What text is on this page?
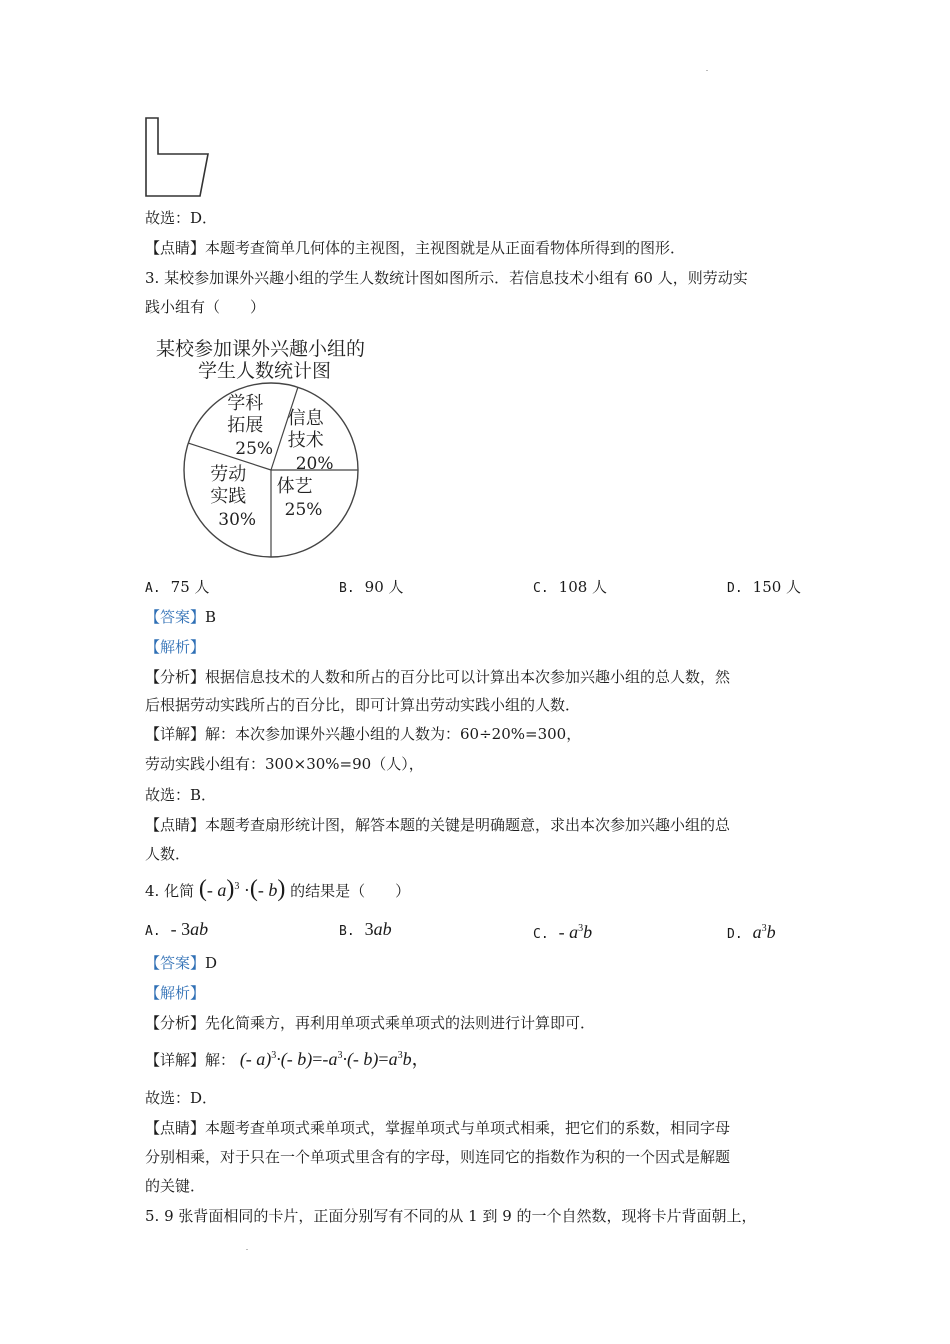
故选：D．
【点睛】本题考查简单几何体的主视图，主视图就是从正面看物体所得到的图形．
3. 某校参加课外兴趣小组的学生人数统计图如图所示．若信息技术小组有 60 人，则劳动实
践小组有（　　）
某校参加课外兴趣小组的
学生人数统计图
体艺
25%
劳动
实践
30%
学科
拓展
25%
信息
技术
20%
A. 75 人	B. 90 人	C. 108 人	D. 150 人
【答案】B
【解析】
【分析】根据信息技术的人数和所占的百分比可以计算出本次参加兴趣小组的总人数，然
后根据劳动实践所占的百分比，即可计算出劳动实践小组的人数．
【详解】解：本次参加课外兴趣小组的人数为：60÷20%=300，
劳动实践小组有：300×30%=90（人），
故选：B．
【点睛】本题考查扇形统计图，解答本题的关键是明确题意，求出本次参加兴趣小组的总
人数．
4. 化简 (- a)$^3$ ·(- b) 的结果是（　　）
A. - 3ab	B. 3ab	C. - $a^3b$	D. $a^3b$
【答案】D
【解析】
【分析】先化简乘方，再利用单项式乘单项式的法则进行计算即可．
【详解】解： (- a)$^3$·(- $b)=-a^3\cdot(-$ $b)=a^3b$，
故选：D．
【点睛】本题考查单项式乘单项式，掌握单项式与单项式相乘，把它们的系数，相同字母
分别相乘，对于只在一个单项式里含有的字母，则连同它的指数作为积的一个因式是解题
的关键．
5. 9 张背面相同的卡片，正面分别写有不同的从 1 到 9 的一个自然数，现将卡片背面朝上，
